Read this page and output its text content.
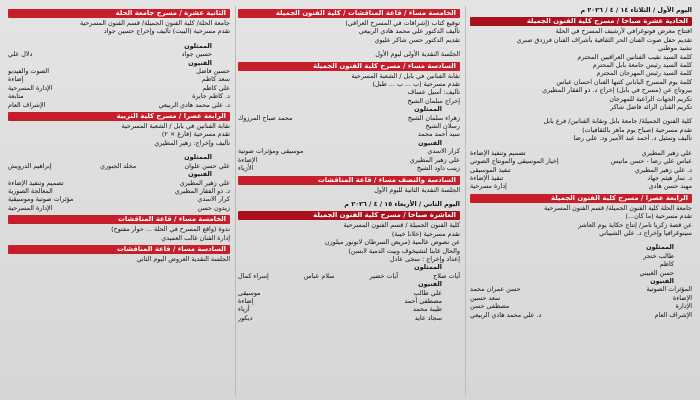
اليوم الأول / الثلاثاء ١٤ / ٤ / ٢٠٢٦ م
الحادية عشرة صباحا / مسرح كلية الفنون الجميلة
افتتاح معرض فوتوغرافي لأرشيف المسرح في الحلة
تقديم حفل صوت الفنان الحر الثقافية بأشراف الفنان فرزدق صبري
نشيد موطني
كلمة السيد نقيب الفنانين العراقيين المحترم
كلمة السيد رئيس جامعة بابل المحترم
كلمة السيد رئيس المهرجان المحترم
كلمة يوم المسرح الباباني كتبها الفنان احسان عباس
بيروتاج عن (مسرح في بابل) إخراج د. ذو الفقار المطيري
تكريم الجهات الراعية للمهرجان
تكريم الفنان الرائد فاضل شاكر
كلية الفنون الجميلة/ جامعة بابل ونقابة الفنانين/ فرع بابل
تقدم مسرحية (صباح يوم ماهر بالثقافيات)
تأليف وتمثيل د. أحمد عبد الأمير ود. علي رضا
علي زهير المطيري
تصميم وتنفيذ الإضاءة
عباس علي رضا - حسن ماتيس
إخيار الموسيقى والمونتاج الصوتي
د. علي زهير المطيري
تنفيذ الموسيقى
د. تمار هيثم جهاد
تنفيذ الإضاءة
مهند حسن هادي
إدارة مسرحية
الرابعة عصرا / مسرح كلية الفنون الجميلة
جامعة الحلة كلية الفنون الجميلة/ قسم الفنون المسرحية
تقدم مسرحية (ما كان...)
عن قصة زكريا تامر/ إنتاج حكاية يوم العاشر
سينوغرافيا وإخراج د. علي الشيباني
الممثلون
طالب خنجر
كاظم
حسن الغبيني
الفنيون
المؤثرات الصوتية
حسن عمران محمد
الإضاءة
سعد حسين
الإدارة
مصطفى حسن
الإشراف العام
د. علي محمد هادي الربيعي
الخامسة مساء / قاعة المناقشات / كلية الفنون الجميلة
توقيع كتاب (إشراقات في المسرح العراقي)
تأليف الدكتور علي محمد هادي الربيعي
تقديم الدكتور حسن شاكر عليوي
الجلسة النقدية الأولى ليوم الأول
السادسة مساء / مسرح كلية الفنون الجميلة
نقابة الفنانين في بابل / الشعبة المسرحية
تقدم مسرحية (ب ... ب ... طبل)
تأليف: أسيل عساف
إخراج سلمان الشيخ
الممثلون
زهراء سلمان الشيخ
محمد صباح المرزوك
رسلان الشيخ
سيد أحمد محمد
الفنيون
كرار الاسدي
موسيقى ومؤثرات صوتية
علي زهير المطيري
الإضاءة
زينب داود الشيخ
الأزياء
السادسة والنصف مساء / قاعة المناقشات
الجلسة النقدية الثانية لليوم الأول
اليوم الثاني / الأربعاء ١٥ / ٤ / ٢٠٢٦ م
العاشرة صباحا / مسرح كلية الفنون الجميلة
كلية الفنون الجميلة / قسم الفنون المسرحية
تقدم مسرحية (خلانا خيبة)
عن نصوص عالمية (مريض السرطان لانونور ميلوزن
والحال غابنا لتشيخوف وبيت الدمية لابسن)
إعداد وإخراج : سجى عادل
الممثلون
آيات صلاح
آيات خضير
سلام عباس
إسراء كمال
الفنيون
علي طالب
موسيقى
مصطفى أحمد
إضاءة
طيبة محمد
أزياء
سجاد عايد
ديكور
الثانية عشرة / مسرح جامعة الحلة
جامعة الحلة/ كلية الفنون الجميلة/ قسم الفنون المسرحية
تقدم مسرحية (البيت) تأليف وإخراج حسين جواد
الممثلون
حسين جواد
دلال علي
الفنيون
حسين فاضل
الصوت والفيديو
سعد كاظم
إضاءة
علي كاظم
الإدارة المسرحية
د. كاظم جابرة
متابعة
د. علي محمد هادي الربيعي
الإشراف العام
الرابعة عصرا / مسرح كلية التربية
نقابة الفنانين في بابل / الشعبة المسرحية
تقدم مسرحية (فارغ × ٢)
تأليف وإخراج: زهير المطيري
الممثلون
علي حسن علوان
مخلد الجبوري
إبراهيم الدرويش
الفنيون
علي زهير المطيري
تصميم وتنفيذ الإضاءة
د. ذو الفقار المطيري
المعالجة الصورية
كرار الاسدي
مؤثرات صوتية وموسيقية
زيدون حسن
الإدارة المسرحية
الخامسة مساء / قاعة المناقشات
ندوة (واقع المسرح في الحلة ... حوار مفتوح)
إدارة الفنان غالب العميدي
السادسة مساء / قاعة المناقشات
الجلسة النقدية العروض اليوم الثاني
